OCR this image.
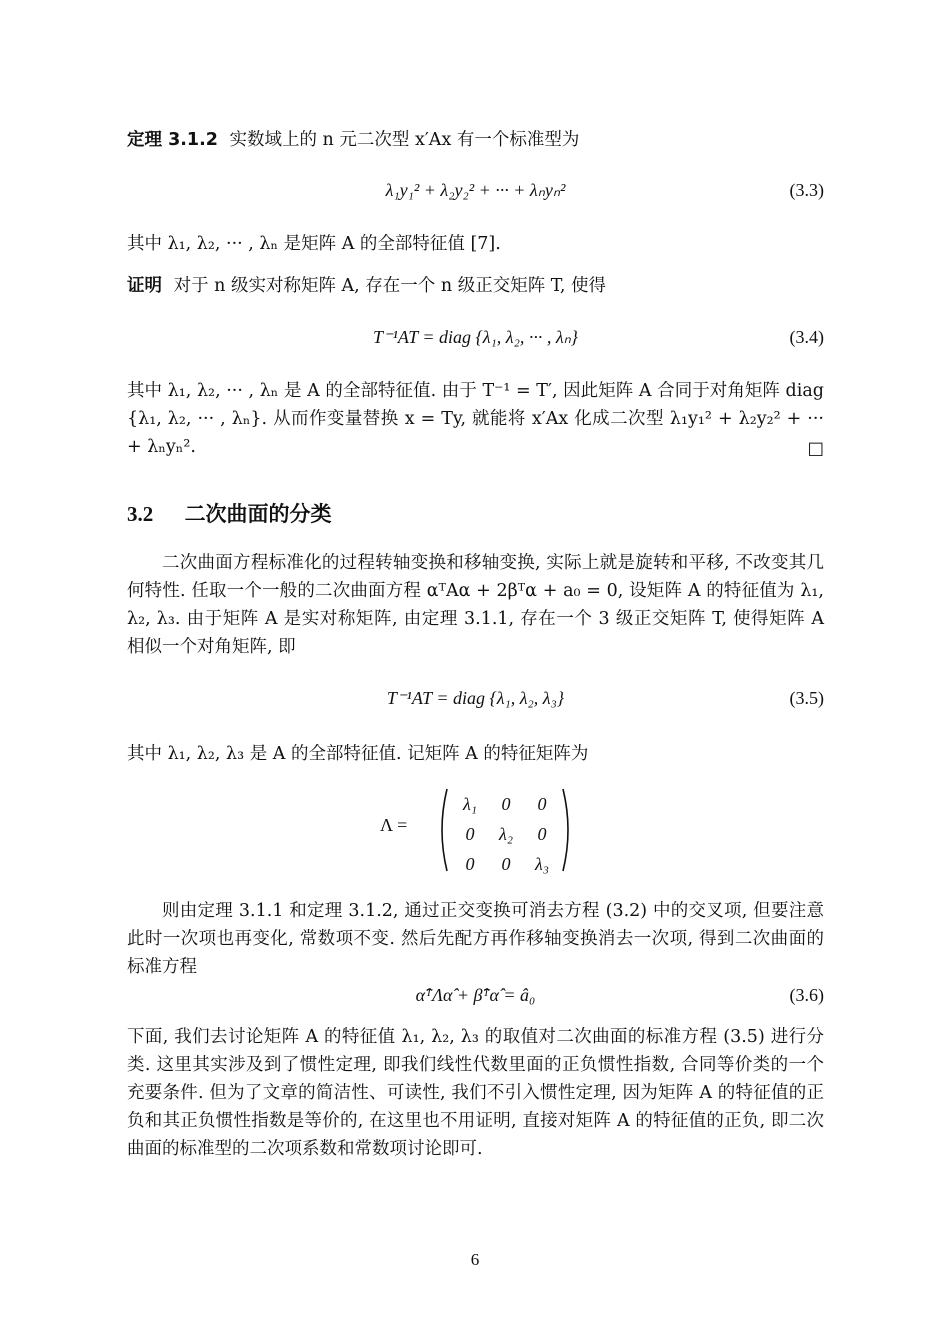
定理 3.1.2 实数域上的 n 元二次型 x′Ax 有一个标准型为
λ₁y₁² + λ₂y₂² + ··· + λₙyₙ²	(3.3)
其中 λ₁, λ₂, ··· , λₙ 是矩阵 A 的全部特征值 [7].
证明 对于 n 级实对称矩阵 A, 存在一个 n 级正交矩阵 T, 使得
T⁻¹AT = diag {λ₁, λ₂, ··· , λₙ}	(3.4)
其中 λ₁, λ₂, ··· , λₙ 是 A 的全部特征值. 由于 T⁻¹ = T′, 因此矩阵 A 合同于对角矩阵 diag {λ₁, λ₂, ··· , λₙ}. 从而作变量替换 x = Ty, 就能将 x′Ax 化成二次型 λ₁y₁² + λ₂y₂² + ··· + λₙyₙ².	□
3.2 二次曲面的分类
二次曲面方程标准化的过程转轴变换和移轴变换, 实际上就是旋转和平移, 不改变其几何特性. 任取一个一般的二次曲面方程 αᵀAα + 2βᵀα + a₀ = 0, 设矩阵 A 的特征值为 λ₁, λ₂, λ₃. 由于矩阵 A 是实对称矩阵, 由定理 3.1.1, 存在一个 3 级正交矩阵 T, 使得矩阵 A 相似一个对角矩阵, 即
T⁻¹AT = diag {λ₁, λ₂, λ₃}	(3.5)
其中 λ₁, λ₂, λ₃ 是 A 的全部特征值. 记矩阵 A 的特征矩阵为
Λ =
λ₁	0	0
0	λ₂	0
0	0	λ₃
则由定理 3.1.1 和定理 3.1.2, 通过正交变换可消去方程 (3.2) 中的交叉项, 但要注意此时一次项也再变化, 常数项不变. 然后先配方再作移轴变换消去一次项, 得到二次曲面的标准方程
α̂ᵀΛα̂ + β̂ᵀα̂ = â₀	(3.6)
下面, 我们去讨论矩阵 A 的特征值 λ₁, λ₂, λ₃ 的取值对二次曲面的标准方程 (3.5) 进行分类. 这里其实涉及到了惯性定理, 即我们线性代数里面的正负惯性指数, 合同等价类的一个充要条件. 但为了文章的简洁性、可读性, 我们不引入惯性定理, 因为矩阵 A 的特征值的正负和其正负惯性指数是等价的, 在这里也不用证明, 直接对矩阵 A 的特征值的正负, 即二次曲面的标准型的二次项系数和常数项讨论即可.
6
